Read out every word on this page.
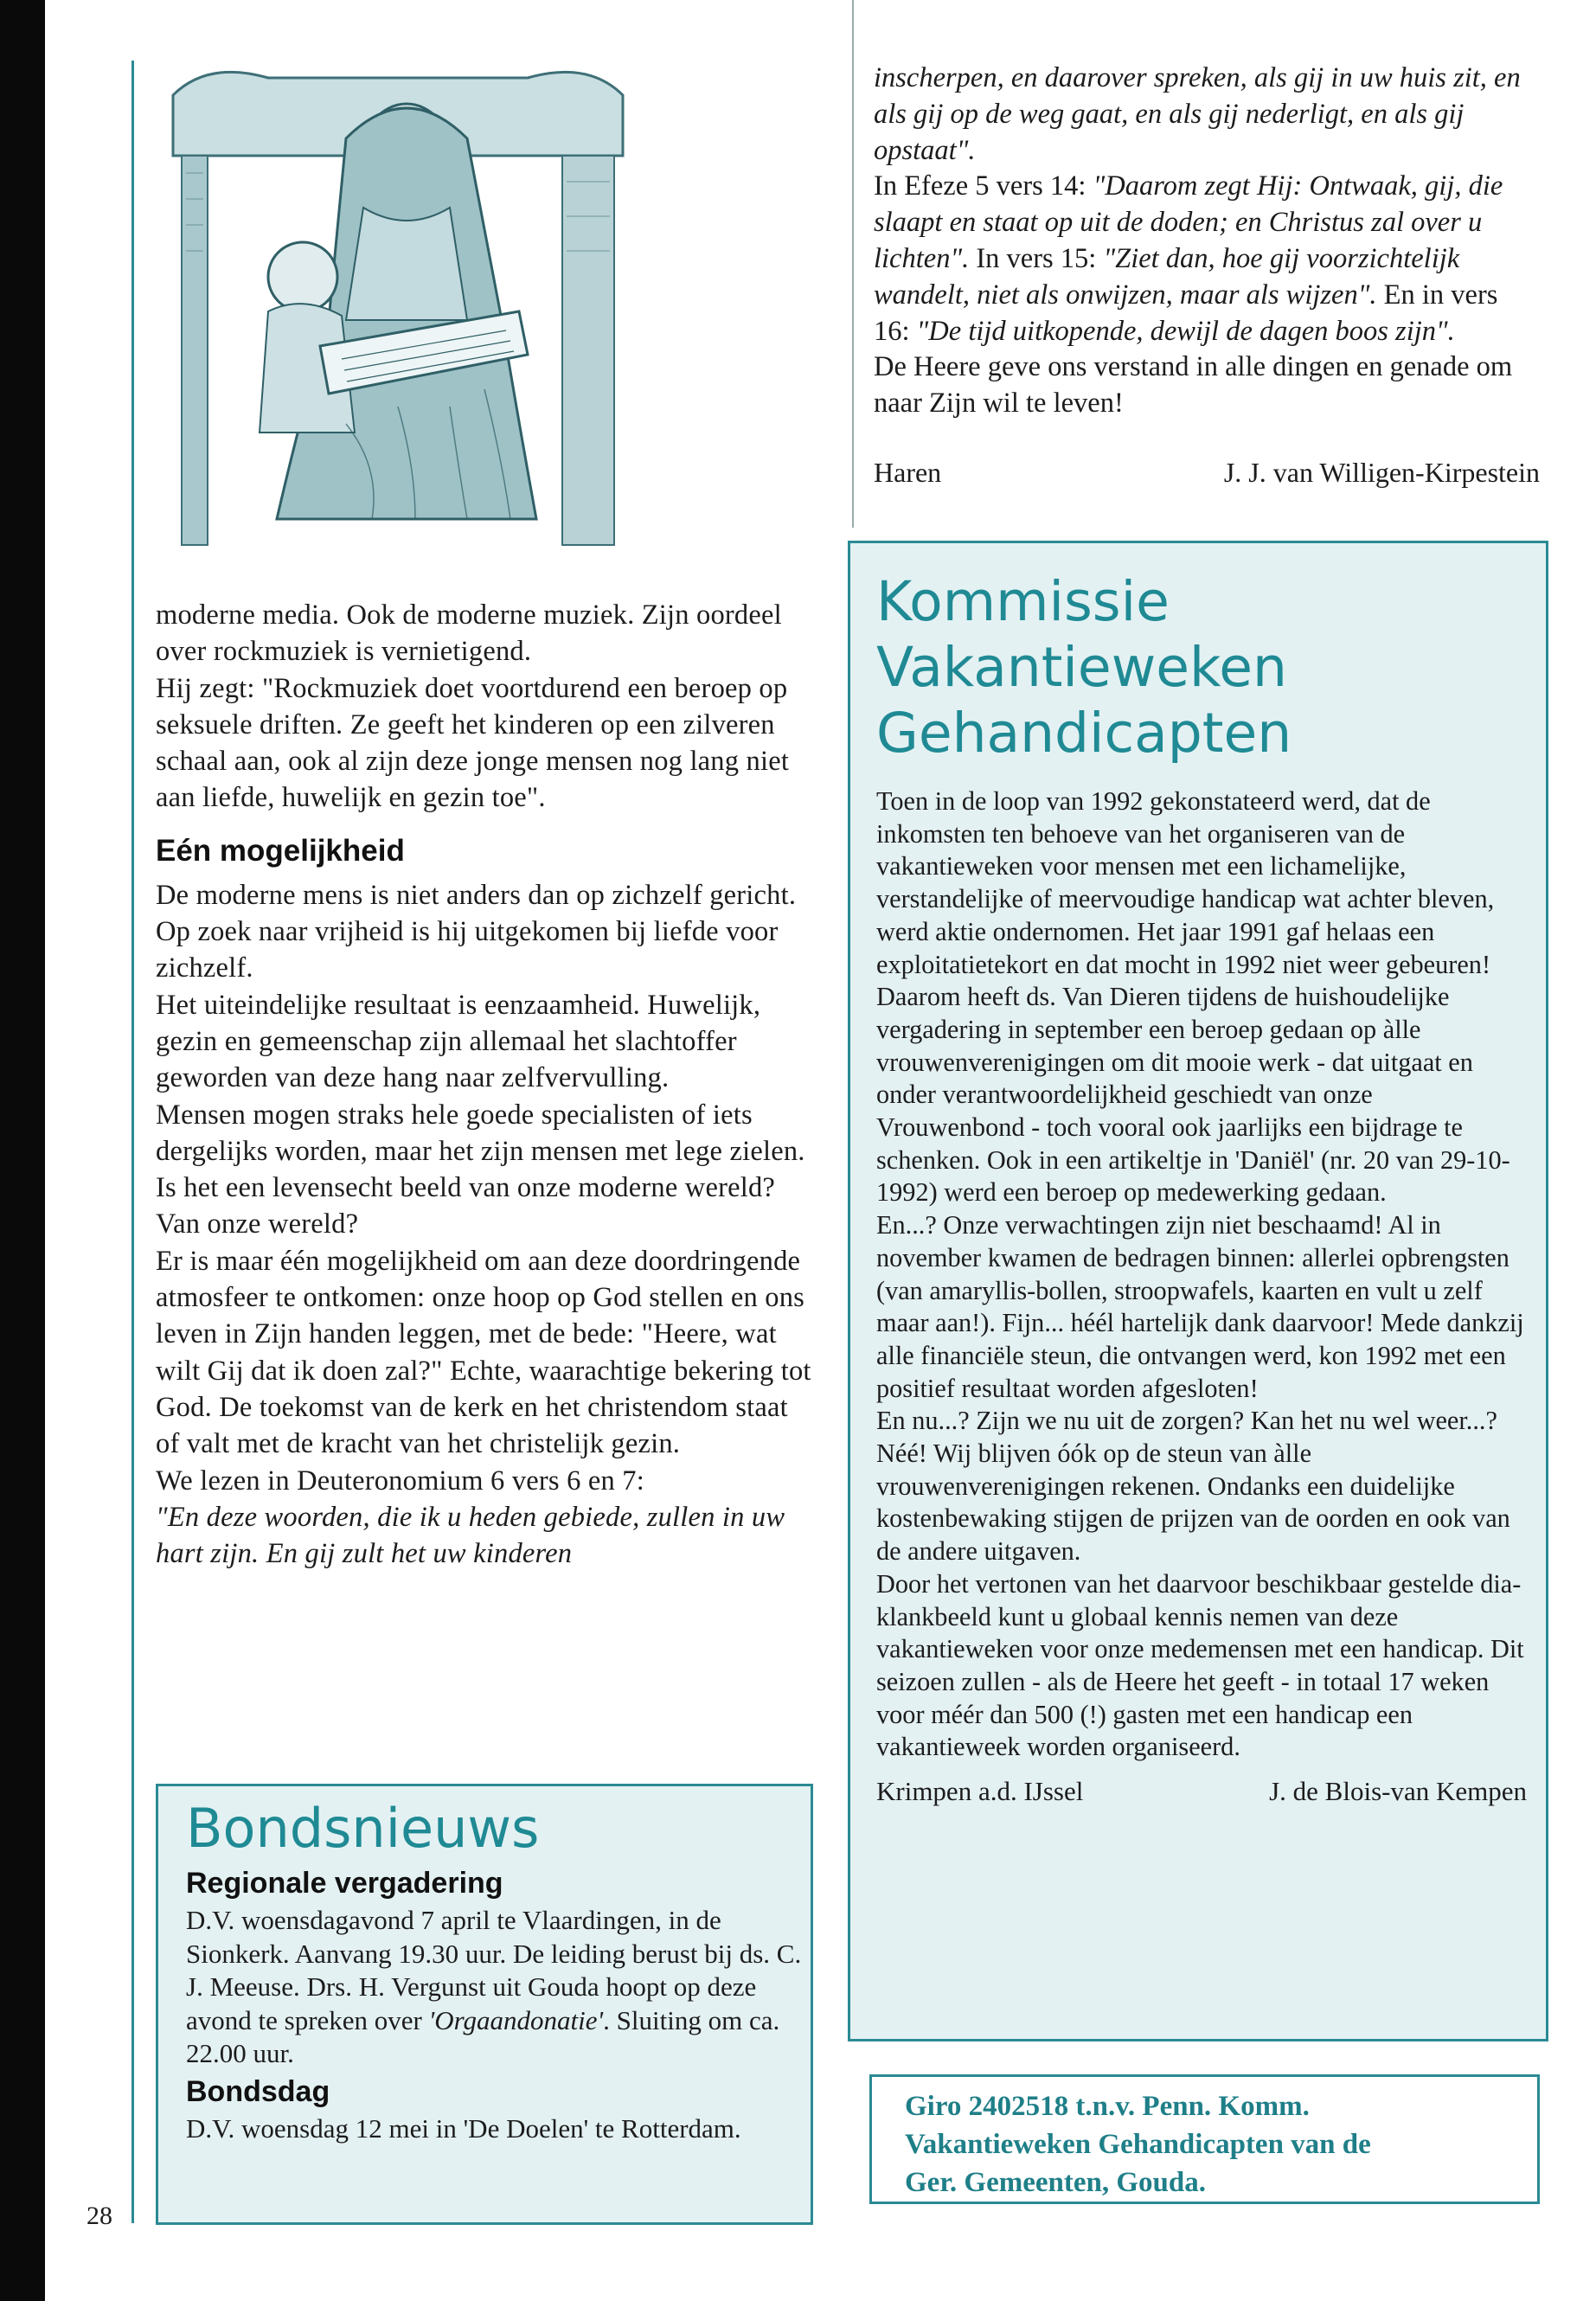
inscherpen, en daarover spreken, als gij in uw huis zit, en als gij op de weg gaat, en als gij nederligt, en als gij opstaat".

In Efeze 5 vers 14: "Daarom zegt Hij: Ontwaak, gij, die slaapt en staat op uit de doden; en Christus zal over u lichten". In vers 15: "Ziet dan, hoe gij voorzichtelijk wandelt, niet als onwijzen, maar als wijzen". En in vers 16: "De tijd uitkopende, dewijl de dagen boos zijn".

De Heere geve ons verstand in alle dingen en genade om naar Zijn wil te leven!

Haren	J. J. van Willigen-Kirpestein

moderne media. Ook de moderne muziek. Zijn oordeel over rockmuziek is vernietigend.

Hij zegt: "Rockmuziek doet voortdurend een beroep op seksuele driften. Ze geeft het kinderen op een zilveren schaal aan, ook al zijn deze jonge mensen nog lang niet aan liefde, huwelijk en gezin toe".

Eén mogelijkheid

De moderne mens is niet anders dan op zichzelf gericht. Op zoek naar vrijheid is hij uitgekomen bij liefde voor zichzelf.

Het uiteindelijke resultaat is eenzaamheid. Huwelijk, gezin en gemeenschap zijn allemaal het slachtoffer geworden van deze hang naar zelfvervulling.

Mensen mogen straks hele goede specialisten of iets dergelijks worden, maar het zijn mensen met lege zielen.

Is het een levensecht beeld van onze moderne wereld? Van onze wereld?

Er is maar één mogelijkheid om aan deze doordringende atmosfeer te ontkomen: onze hoop op God stellen en ons leven in Zijn handen leggen, met de bede: "Heere, wat wilt Gij dat ik doen zal?" Echte, waarachtige bekering tot God. De toekomst van de kerk en het christendom staat of valt met de kracht van het christelijk gezin.

We lezen in Deuteronomium 6 vers 6 en 7:

"En deze woorden, die ik u heden gebiede, zullen in uw hart zijn. En gij zult het uw kinderen

Bondsnieuws
Regionale vergadering

D.V. woensdagavond 7 april te Vlaardingen, in de Sionkerk. Aanvang 19.30 uur. De leiding berust bij ds. C. J. Meeuse. Drs. H. Vergunst uit Gouda hoopt op deze avond te spreken over 'Orgaandonatie'. Sluiting om ca. 22.00 uur.

Bondsdag

D.V. woensdag 12 mei in 'De Doelen' te Rotterdam.

Kommissie
Vakantieweken
Gehandicapten

Toen in de loop van 1992 gekonstateerd werd, dat de inkomsten ten behoeve van het organiseren van de vakantieweken voor mensen met een lichamelijke, verstandelijke of meervoudige handicap wat achter bleven, werd aktie ondernomen. Het jaar 1991 gaf helaas een exploitatietekort en dat mocht in 1992 niet weer gebeuren!

Daarom heeft ds. Van Dieren tijdens de huishoudelijke vergadering in september een beroep gedaan op àlle vrouwenverenigingen om dit mooie werk - dat uitgaat en onder verantwoordelijkheid geschiedt van onze Vrouwenbond - toch vooral ook jaarlijks een bijdrage te schenken. Ook in een artikeltje in 'Daniël' (nr. 20 van 29-10-1992) werd een beroep op medewerking gedaan.

En...? Onze verwachtingen zijn niet beschaamd! Al in november kwamen de bedragen binnen: allerlei opbrengsten (van amaryllis-bollen, stroopwafels, kaarten en vult u zelf maar aan!). Fijn... héél hartelijk dank daarvoor! Mede dankzij alle financiële steun, die ontvangen werd, kon 1992 met een positief resultaat worden afgesloten!

En nu...? Zijn we nu uit de zorgen? Kan het nu wel weer...?

Néé! Wij blijven óók op de steun van àlle vrouwenverenigingen rekenen. Ondanks een duidelijke kostenbewaking stijgen de prijzen van de oorden en ook van de andere uitgaven.

Door het vertonen van het daarvoor beschikbaar gestelde dia-klankbeeld kunt u globaal kennis nemen van deze vakantieweken voor onze medemensen met een handicap. Dit seizoen zullen - als de Heere het geeft - in totaal 17 weken voor méér dan 500 (!) gasten met een handicap een vakantieweek worden organiseerd.

Krimpen a.d. IJssel	J. de Blois-van Kempen
Giro 2402518 t.n.v. Penn. Komm.
Vakantieweken Gehandicapten van de
Ger. Gemeenten, Gouda.
28
